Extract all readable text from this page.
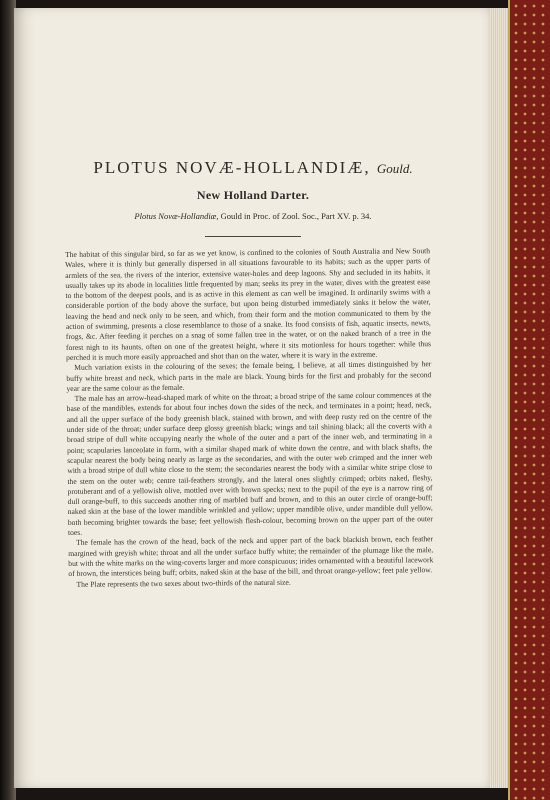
PLOTUS NOVÆ-HOLLANDIÆ, Gould.
New Holland Darter.
Plotus Novæ-Hollandiæ, Gould in Proc. of Zool. Soc., Part XV. p. 34.

The habitat of this singular bird, so far as we yet know, is confined to the colonies of South Australia and New South Wales, where it is thinly but generally dispersed in all situations favourable to its habits; such as the upper parts of armlets of the sea, the rivers of the interior, extensive water-holes and deep lagoons. Shy and secluded in its habits, it usually takes up its abode in localities little frequented by man; seeks its prey in the water, dives with the greatest ease to the bottom of the deepest pools, and is as active in this element as can well be imagined. It ordinarily swims with a considerable portion of the body above the surface, but upon being disturbed immediately sinks it below the water, leaving the head and neck only to be seen, and which, from their form and the motion communicated to them by the action of swimming, presents a close resemblance to those of a snake. Its food consists of fish, aquatic insects, newts, frogs, &c. After feeding it perches on a snag of some fallen tree in the water, or on the naked branch of a tree in the forest nigh to its haunts, often on one of the greatest height, where it sits motionless for hours together: while thus perched it is much more easily approached and shot than on the water, where it is wary in the extreme.

Much variation exists in the colouring of the sexes; the female being, I believe, at all times distinguished by her buffy white breast and neck, which parts in the male are black. Young birds for the first and probably for the second year are the same colour as the female.

The male has an arrow-head-shaped mark of white on the throat; a broad stripe of the same colour commences at the base of the mandibles, extends for about four inches down the sides of the neck, and terminates in a point; head, neck, and all the upper surface of the body greenish black, stained with brown, and with deep rusty red on the centre of the under side of the throat; under surface deep glossy greenish black; wings and tail shining black; all the coverts with a broad stripe of dull white occupying nearly the whole of the outer and a part of the inner web, and terminating in a point; scapularies lanceolate in form, with a similar shaped mark of white down the centre, and with black shafts, the scapular nearest the body being nearly as large as the secondaries, and with the outer web crimped and the inner web with a broad stripe of dull white close to the stem; the secondaries nearest the body with a similar white stripe close to the stem on the outer web; centre tail-feathers strongly, and the lateral ones slightly crimped; orbits naked, fleshy, protuberant and of a yellowish olive, mottled over with brown specks; next to the pupil of the eye is a narrow ring of dull orange-buff, to this succeeds another ring of marbled buff and brown, and to this an outer circle of orange-buff; naked skin at the base of the lower mandible wrinkled and yellow; upper mandible olive, under mandible dull yellow, both becoming brighter towards the base; feet yellowish flesh-colour, becoming brown on the upper part of the outer toes.

The female has the crown of the head, back of the neck and upper part of the back blackish brown, each feather margined with greyish white; throat and all the under surface buffy white; the remainder of the plumage like the male, but with the white marks on the wing-coverts larger and more conspicuous; irides ornamented with a beautiful lacework of brown, the interstices being buff; orbits, naked skin at the base of the bill, and throat orange-yellow; feet pale yellow.

The Plate represents the two sexes about two-thirds of the natural size.
